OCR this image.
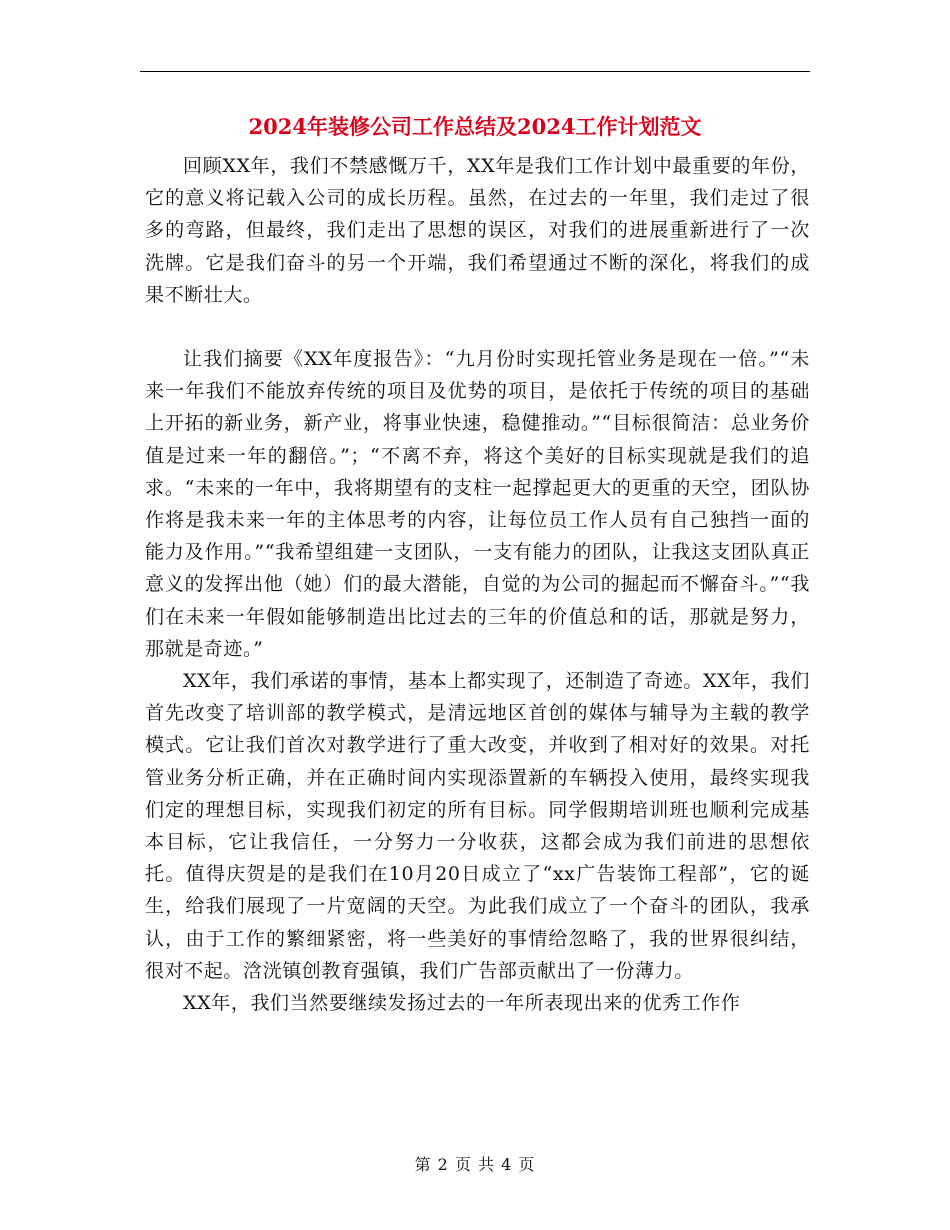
2024年装修公司工作总结及2024工作计划范文

回顾XX年，我们不禁感慨万千，XX年是我们工作计划中最重要的年份，它的意义将记载入公司的成长历程。虽然，在过去的一年里，我们走过了很多的弯路，但最终，我们走出了思想的误区，对我们的进展重新进行了一次洗牌。它是我们奋斗的另一个开端，我们希望通过不断的深化，将我们的成果不断壮大。

让我们摘要《XX年度报告》：“九月份时实现托管业务是现在一倍。”“未来一年我们不能放弃传统的项目及优势的项目，是依托于传统的项目的基础上开拓的新业务，新产业，将事业快速，稳健推动。”“目标很简洁：总业务价值是过来一年的翻倍。”；“不离不弃，将这个美好的目标实现就是我们的追求。“未来的一年中，我将期望有的支柱一起撑起更大的更重的天空，团队协作将是我未来一年的主体思考的内容，让每位员工作人员有自己独挡一面的能力及作用。”“我希望组建一支团队，一支有能力的团队，让我这支团队真正意义的发挥出他（她）们的最大潜能，自觉的为公司的掘起而不懈奋斗。”“我们在未来一年假如能够制造出比过去的三年的价值总和的话，那就是努力，那就是奇迹。”

XX年，我们承诺的事情，基本上都实现了，还制造了奇迹。XX年，我们首先改变了培训部的教学模式，是清远地区首创的媒体与辅导为主载的教学模式。它让我们首次对教学进行了重大改变，并收到了相对好的效果。对托管业务分析正确，并在正确时间内实现添置新的车辆投入使用，最终实现我们定的理想目标，实现我们初定的所有目标。同学假期培训班也顺利完成基本目标，它让我信任，一分努力一分收获，这都会成为我们前进的思想依托。值得庆贺是的是我们在10月20日成立了“xx广告装饰工程部”，它的诞生，给我们展现了一片宽阔的天空。为此我们成立了一个奋斗的团队，我承认，由于工作的繁细紧密，将一些美好的事情给忽略了，我的世界很纠结，很对不起。浛洸镇创教育强镇，我们广告部贡献出了一份薄力。

XX年，我们当然要继续发扬过去的一年所表现出来的优秀工作作

第 2 页 共 4 页
